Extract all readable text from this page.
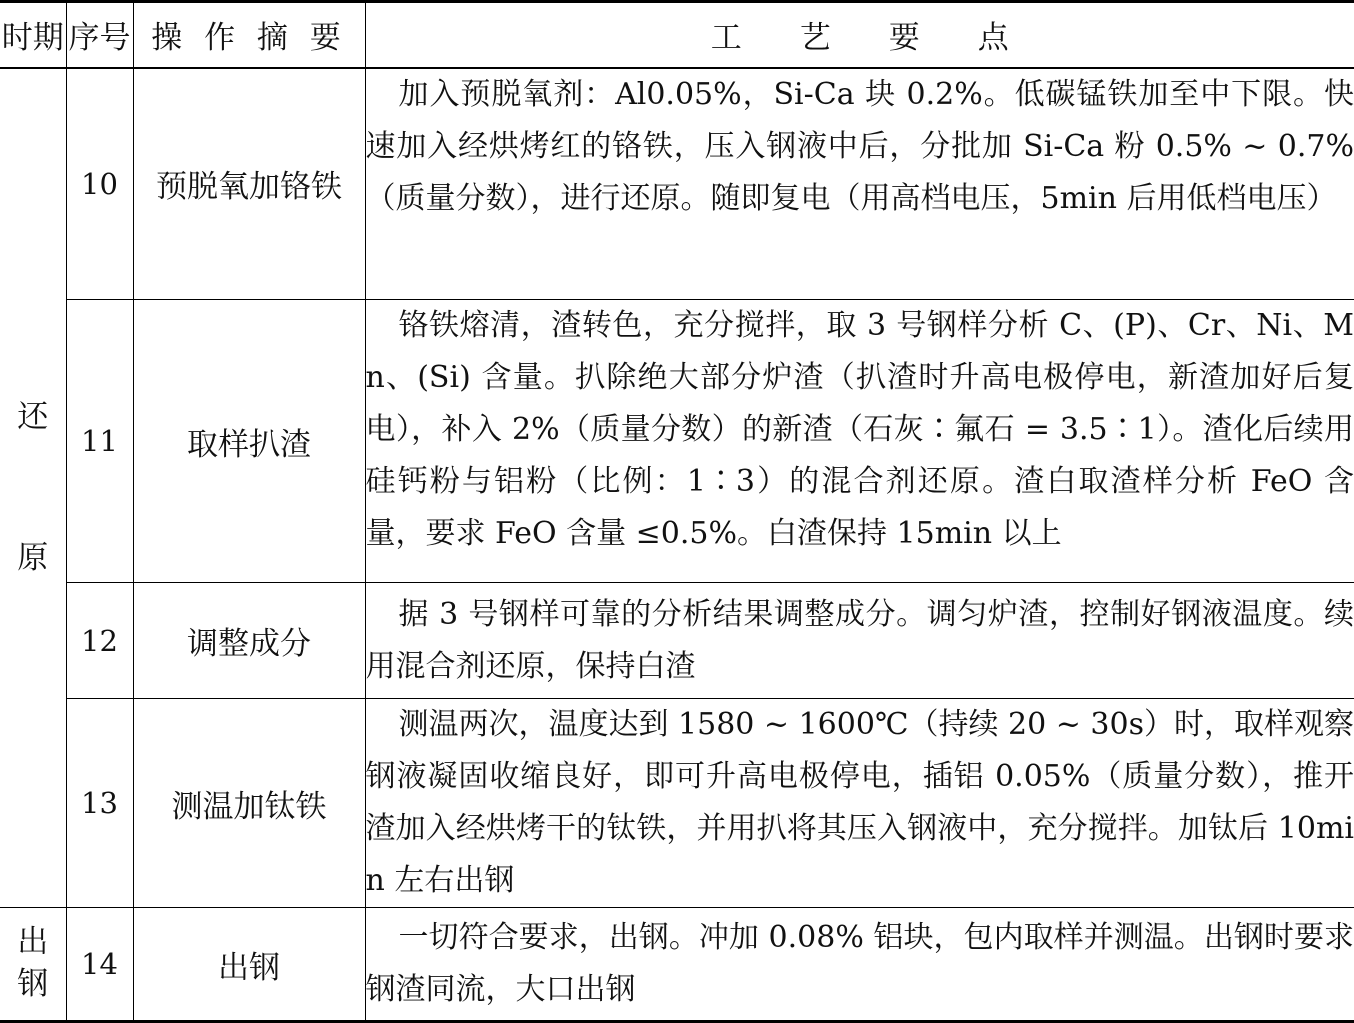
时期	序号	操 作 摘 要	工艺要点

还
原	10	预脱氧加铬铁	加入预脱氧剂：Al0.05%，Si-Ca 块 0.2%。低碳锰铁加至中下限。快速加入经烘烤红的铬铁，压入钢液中后，分批加 Si-Ca 粉 0.5% ~ 0.7%（质量分数），进行还原。随即复电（用高档电压，5min 后用低档电压）
	11	取样扒渣	铬铁熔清，渣转色，充分搅拌，取 3 号钢样分析 C、(P)、Cr、Ni、Mn、(Si) 含量。扒除绝大部分炉渣（扒渣时升高电极停电，新渣加好后复电），补入 2%（质量分数）的新渣（石灰∶氟石 = 3.5∶1）。渣化后续用硅钙粉与铝粉（比例：1∶3）的混合剂还原。渣白取渣样分析 FeO 含量，要求 FeO 含量 ≤0.5%。白渣保持 15min 以上
	12	调整成分	据 3 号钢样可靠的分析结果调整成分。调匀炉渣，控制好钢液温度。续用混合剂还原，保持白渣
	13	测温加钛铁	测温两次，温度达到 1580 ~ 1600℃（持续 20 ~ 30s）时，取样观察钢液凝固收缩良好，即可升高电极停电，插铝 0.05%（质量分数），推开渣加入经烘烤干的钛铁，并用扒将其压入钢液中，充分搅拌。加钛后 10min 左右出钢
出
钢	14	出钢	一切符合要求，出钢。冲加 0.08% 铝块，包内取样并测温。出钢时要求钢渣同流，大口出钢
